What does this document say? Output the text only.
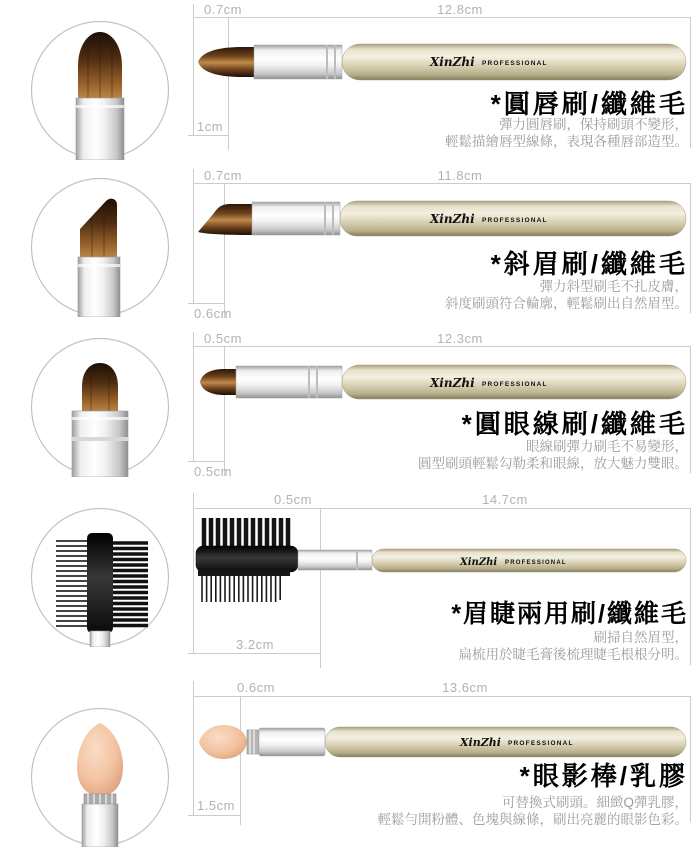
0.7cm	12.8cm
1cm
XinZhi PROFESSIONAL
*圓唇刷/纖維毛
彈力圓唇刷，保持刷頭不變形，
輕鬆描繪唇型線條，表現各種唇部造型。
0.7cm	11.8cm
0.6cm
XinZhi PROFESSIONAL
*斜眉刷/纖維毛
彈力斜型刷毛不扎皮膚，
斜度刷頭符合輪廓，輕鬆刷出自然眉型。
0.5cm	12.3cm
0.5cm
XinZhi PROFESSIONAL
*圓眼線刷/纖維毛
眼線刷彈力刷毛不易變形，
圓型刷頭輕鬆勾勒柔和眼線，放大魅力雙眼。
0.5cm	14.7cm
3.2cm
XinZhi PROFESSIONAL
*眉睫兩用刷/纖維毛
刷掃自然眉型，
扁梳用於睫毛膏後梳理睫毛根根分明。
0.6cm	13.6cm
1.5cm
XinZhi PROFESSIONAL
*眼影棒/乳膠
可替換式刷頭。細緻Q彈乳膠，
輕鬆勻開粉體、色塊與線條，刷出亮麗的眼影色彩。
